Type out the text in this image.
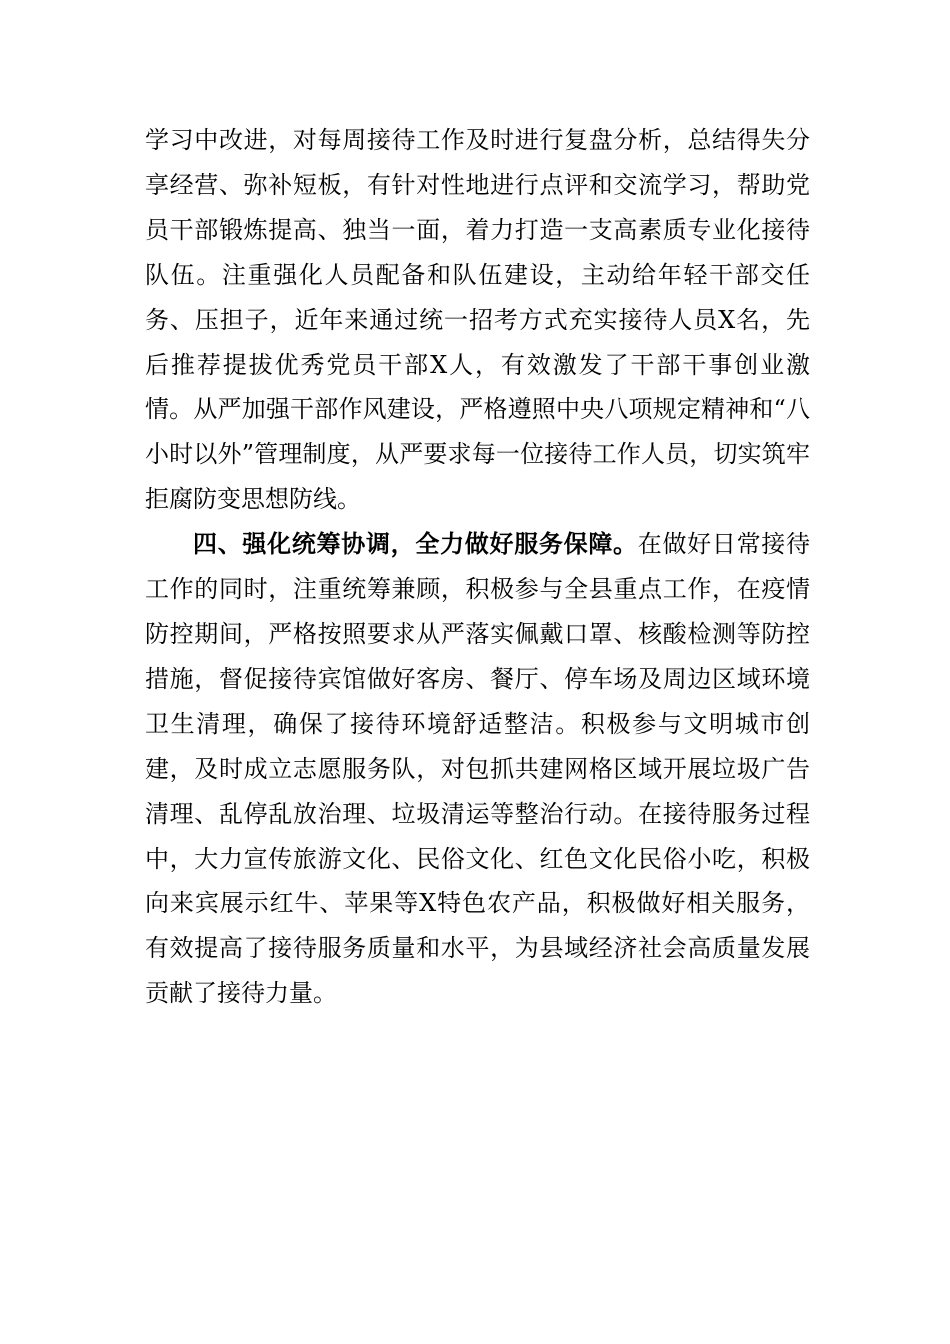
学习中改进，对每周接待工作及时进行复盘分析，总结得失分享经营、弥补短板，有针对性地进行点评和交流学习，帮助党员干部锻炼提高、独当一面，着力打造一支高素质专业化接待队伍。注重强化人员配备和队伍建设，主动给年轻干部交任务、压担子，近年来通过统一招考方式充实接待人员X名，先后推荐提拔优秀党员干部X人，有效激发了干部干事创业激情。从严加强干部作风建设，严格遵照中央八项规定精神和“八小时以外”管理制度，从严要求每一位接待工作人员，切实筑牢拒腐防变思想防线。

四、强化统筹协调，全力做好服务保障。在做好日常接待工作的同时，注重统筹兼顾，积极参与全县重点工作，在疫情防控期间，严格按照要求从严落实佩戴口罩、核酸检测等防控措施，督促接待宾馆做好客房、餐厅、停车场及周边区域环境卫生清理，确保了接待环境舒适整洁。积极参与文明城市创建，及时成立志愿服务队，对包抓共建网格区域开展垃圾广告清理、乱停乱放治理、垃圾清运等整治行动。在接待服务过程中，大力宣传旅游文化、民俗文化、红色文化民俗小吃，积极向来宾展示红牛、苹果等X特色农产品，积极做好相关服务，有效提高了接待服务质量和水平，为县域经济社会高质量发展贡献了接待力量。
